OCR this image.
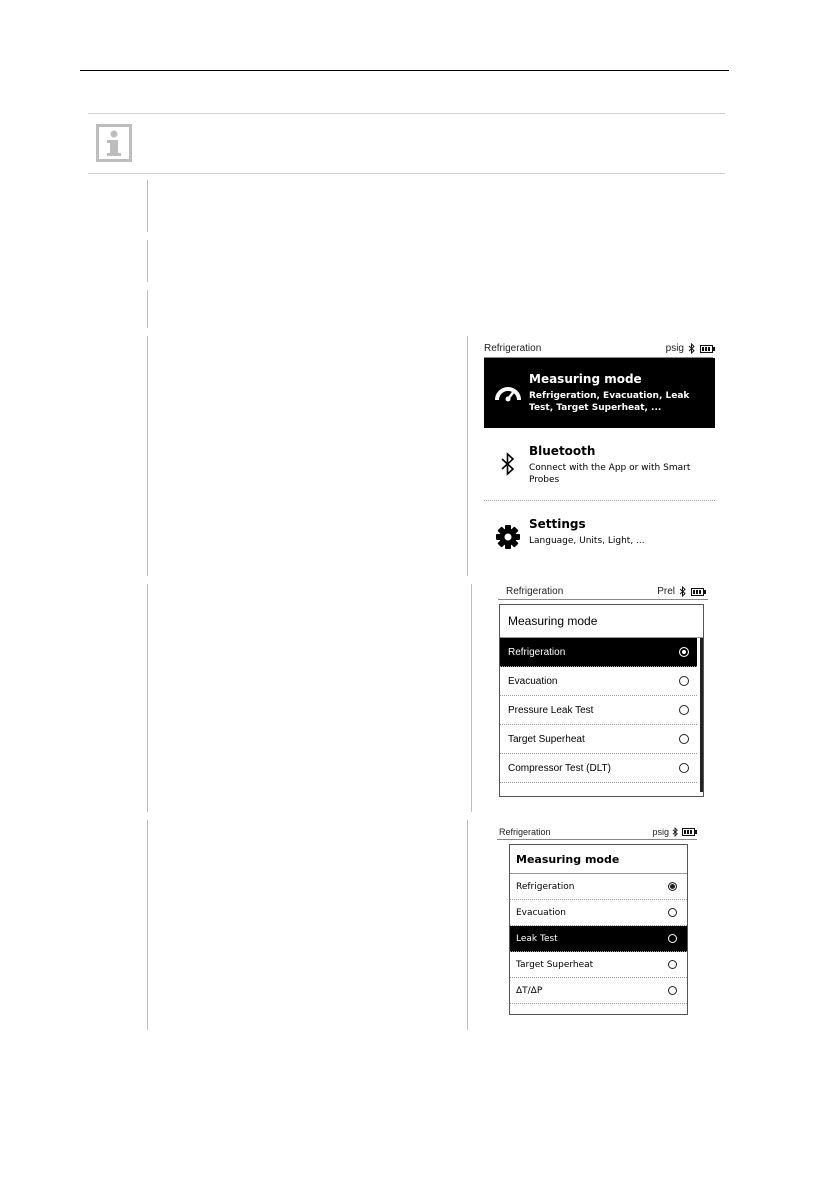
Refrigeration	psig
Measuring mode
Refrigeration, Evacuation, Leak Test, Target Superheat, ...
Bluetooth
Connect with the App or with Smart Probes
Settings
Language, Units, Light, ...
Refrigeration	Prel
Measuring mode
Refrigeration
Evacuation
Pressure Leak Test
Target Superheat
Compressor Test (DLT)
Refrigeration	psig
Measuring mode
Refrigeration
Evacuation
Leak Test
Target Superheat
ΔT/ΔP
